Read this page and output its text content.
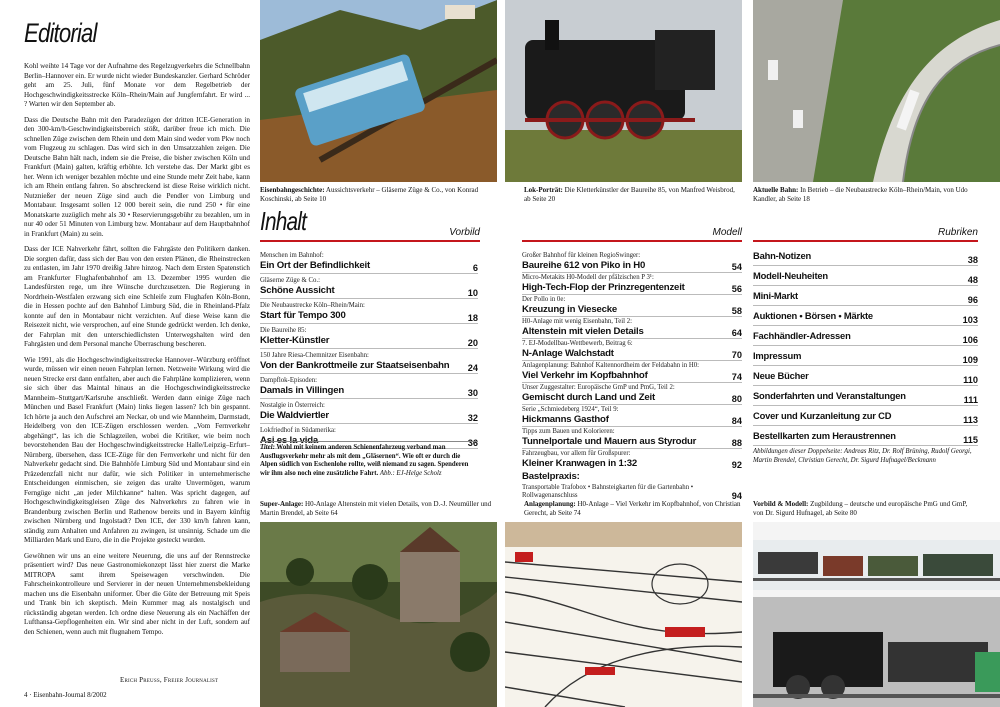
Editorial

Kohl weihte 14 Tage vor der Aufnahme des Regelzugverkehrs die Schnellbahn Berlin–Hannover ein. Er wurde nicht wieder Bundeskanzler. Gerhard Schröder geht am 25. Juli, fünf Monate vor dem Regelbetrieb der Hochgeschwindigkeitsstrecke Köln–Rhein/Main auf Jungfernfahrt. Er wird ... ? Warten wir den September ab.

Dass die Deutsche Bahn mit den Paradezügen der dritten ICE-Generation in den 300-km/h-Geschwindigkeitsbereich stößt, darüber freue ich mich. Die schnellen Züge zwischen dem Rhein und dem Main sind weder vom Pkw noch vom Flugzeug zu schlagen. Das wird sich in den Umsatzzahlen zeigen. Die Deutsche Bahn hält nach, indem sie die Preise, die bisher zwischen Köln und Frankfurt (Main) galten, kräftig erhöhte. Ich verstehe das. Der Markt gibt es her. Wenn ich weniger bezahlen möchte und eine Stunde mehr Zeit habe, kann ich am Rhein entlang fahren. So abschreckend ist diese Reise wirklich nicht. Nutznießer der neuen Züge sind auch die Pendler von Limburg und Montabaur. Insgesamt sollen 12 000 bereit sein, die rund 250 • für eine Monatskarte zuzüglich mehr als 30 • Reservierungsgebühr zu bezahlen, um in nur 40 oder 51 Minuten von Limburg bzw. Montabaur auf dem Hauptbahnhof in Frankfurt (Main) zu sein.

Dass der ICE Nahverkehr fährt, sollten die Fahrgäste den Politikern danken. Die sorgten dafür, dass sich der Bau von den ersten Plänen, die Rheinstrecken zu entlasten, im Jahr 1970 dreißig Jahre hinzog. Nach dem Ersten Spatenstich am Frankfurter Flughafenbahnhof am 13. Dezember 1995 wurden die Landesfürsten rege, um ihre Wünsche durchzusetzen. Die Regierung in Nordrhein-Westfalen erzwang sich eine Schleife zum Flughafen Köln-Bonn, die in Hessen pochte auf den Bahnhof Limburg Süd, die in Rheinland-Pfalz konnte auf den in Montabaur nicht verzichten. Auf diese Weise kann die Reisezeit nicht, wie versprochen, auf eine Stunde gedrückt werden. Ich denke, der Fahrplan mit den unterschiedlichsten Unterwegshalten wird den Fahrgästen und dem Personal manche Überraschung bescheren.

Wie 1991, als die Hochgeschwindigkeitsstrecke Hannover–Würzburg eröffnet wurde, müssen wir einen neuen Fahrplan lernen. Netzweite Wirkung wird die neuen Strecke erst dann entfalten, aber auch die Fahrpläne komplizieren, wenn sie sich über das Maintal hinaus an die Hochgeschwindigkeitsstrecke Mannheim–Stuttgart/Karlsruhe anschließt. Werden dann einige Züge nach München und Basel Frankfurt (Main) links liegen lassen? Ich bin gespannt. Ich hörte ja auch den Aufschrei am Neckar, ob und wie Mannheim, Darmstadt, Heidelberg von den ICE-Zügen erschlossen werden. „Vom Fernverkehr abgehängt“, las ich die Schlagzeilen, wobei die Kritiker, wie beim noch bevorstehenden Bau der Hochgeschwindigkeitsstrecke Halle/Leipzig–Erfurt–Nürnberg, übersehen, dass ICE-Züge für den Fernverkehr und nicht für den Nahverkehr gedacht sind. Die Bahnhöfe Limburg Süd und Montabaur sind ein Präzedenzfall nicht nur dafür, wie sich Politiker in unternehmerische Entscheidungen einmischen, sie zeigen das uralte Unvermögen, warum Ferngüge nicht „an jeder Milchkanne“ halten. Was spricht dagegen, auf Hochgeschwindigkeitsgleisen Züge des Nahverkehrs zu fahren wie in Brandenburg zwischen Berlin und Rathenow bereits und in Bayern künftig zwischen Nürnberg und Ingolstadt? Den ICE, der 330 km/h fahren kann, ständig zum Anhalten und Anfahren zu zwingen, ist unsinnig. Schade um die Milliarden Mark und Euro, die in die Projekte gesteckt wurden.

Gewöhnen wir uns an eine weitere Neuerung, die uns auf der Rennstrecke präsentiert wird? Das neue Gastronomiekonzept lässt hier zuerst die Marke MITROPA samt ihrem Speisewagen verschwinden. Die Fahrscheinkontrolleure und Servierer in der neuen Unternehmensbekleidung machen uns die Eisenbahn uniformer. Über die Güte der Betreuung mit Speis und Trank bin ich skeptisch. Mein Kummer mag als nostalgisch und rückständig abgetan werden. Ich ordne diese Neuerung als ein Nachäffen der Lufthansa-Gepflogenheiten ein. Wir sind aber nicht in der Luft, sondern auf den Schienen, wenn auch mit flugnahem Tempo.

Erich Preuss, Freier Journalist
4 · Eisenbahn-Journal 8/2002
Eisenbahngeschichte: Aussichtsverkehr – Gläserne Züge & Co., von Konrad Koschinski, ab Seite 10
Lok-Porträt: Die Kletterkünstler der Baureihe 85, von Manfred Weisbrod, ab Seite 20
Aktuelle Bahn: In Betrieb – die Neubaustrecke Köln–Rhein/Main, von Udo Kandler, ab Seite 18
Inhalt	Vorbild	Modell	Rubriken
Menschen im Bahnhof:
Ein Ort der Befindlichkeit	6
Gläserne Züge & Co.:
Schöne Aussicht	10
Die Neubaustrecke Köln–Rhein/Main:
Start für Tempo 300	18
Die Baureihe 85:
Kletter-Künstler	20
150 Jahre Riesa-Chemnitzer Eisenbahn:
Von der Bankrottmeile zur Staatseisenbahn	24
Dampflok-Episoden:
Damals in Villingen	30
Nostalgie in Österreich:
Die Waldviertler	32
Lokfriedhof in Südamerika:
Asi es la vida	36
Titel: Wohl mit keinem anderen Schienenfahrzeug verband man Ausflugsverkehr mehr als mit dem „Gläsernen“. Wie oft er durch die Alpen südlich von Eschenlohe rollte, weiß niemand zu sagen. Spenderen wir ihm also noch eine zusätzliche Fahrt. Abb.: EJ-Helge Scholz
Großer Bahnhof für kleinen RegioSwinger:
Baureihe 612 von Piko in H0	54
Micro-Metakits H0-Modell der pfälzischen P 3¹:
High-Tech-Flop der Prinzregentenzeit	56
Der Pollo in 0e:
Kreuzung in Viesecke	58
H0-Anlage mit wenig Eisenbahn, Teil 2:
Altenstein mit vielen Details	64
7. EJ-Modellbau-Wettbewerb, Beitrag 6:
N-Anlage Walchstadt	70
Anlagenplanung: Bahnhof Kaltennordheim der Feldabahn in H0:
Viel Verkehr im Kopfbahnhof	74
Unser Zuggestalter: Europäische GmP und PmG, Teil 2:
Gemischt durch Land und Zeit	80
Serie „Schmiedeberg 1924“, Teil 9:
Hickmanns Gasthof	84
Tipps zum Bauen und Kolorieren:
Tunnelportale und Mauern aus Styrodur	88
Fahrzeugbau, vor allem für Großspurer:
Kleiner Kranwagen in 1:32	92
Bastelpraxis:
Transportable Trafobox • Bahnsteigkarten für die Gartenbahn • Rollwagenanschluss	94
Bahn-Notizen	38
Modell-Neuheiten	48
Mini-Markt	96
Auktionen • Börsen • Märkte	103
Fachhändler-Adressen	106
Impressum	109
Neue Bücher	110
Sonderfahrten und Veranstaltungen	111
Cover und Kurzanleitung zur CD	113
Bestellkarten zum Heraustrennen	115
Abbildungen dieser Doppelseite: Andreas Ritz, Dr. Rolf Brüning, Rudolf Georgi, Martin Brendel, Christian Gerecht, Dr. Sigurd Hufnagel/Beckmann
Super-Anlage: H0-Anlage Altenstein mit vielen Details, von D.-J. Neumüller und Martin Brendel, ab Seite 64
Anlagenplanung: H0-Anlage – Viel Verkehr im Kopfbahnhof, von Christian Gerecht, ab Seite 74
Vorbild & Modell: Zugbildung – deutsche und europäische PmG und GmP, von Dr. Sigurd Hufnagel, ab Seite 80
